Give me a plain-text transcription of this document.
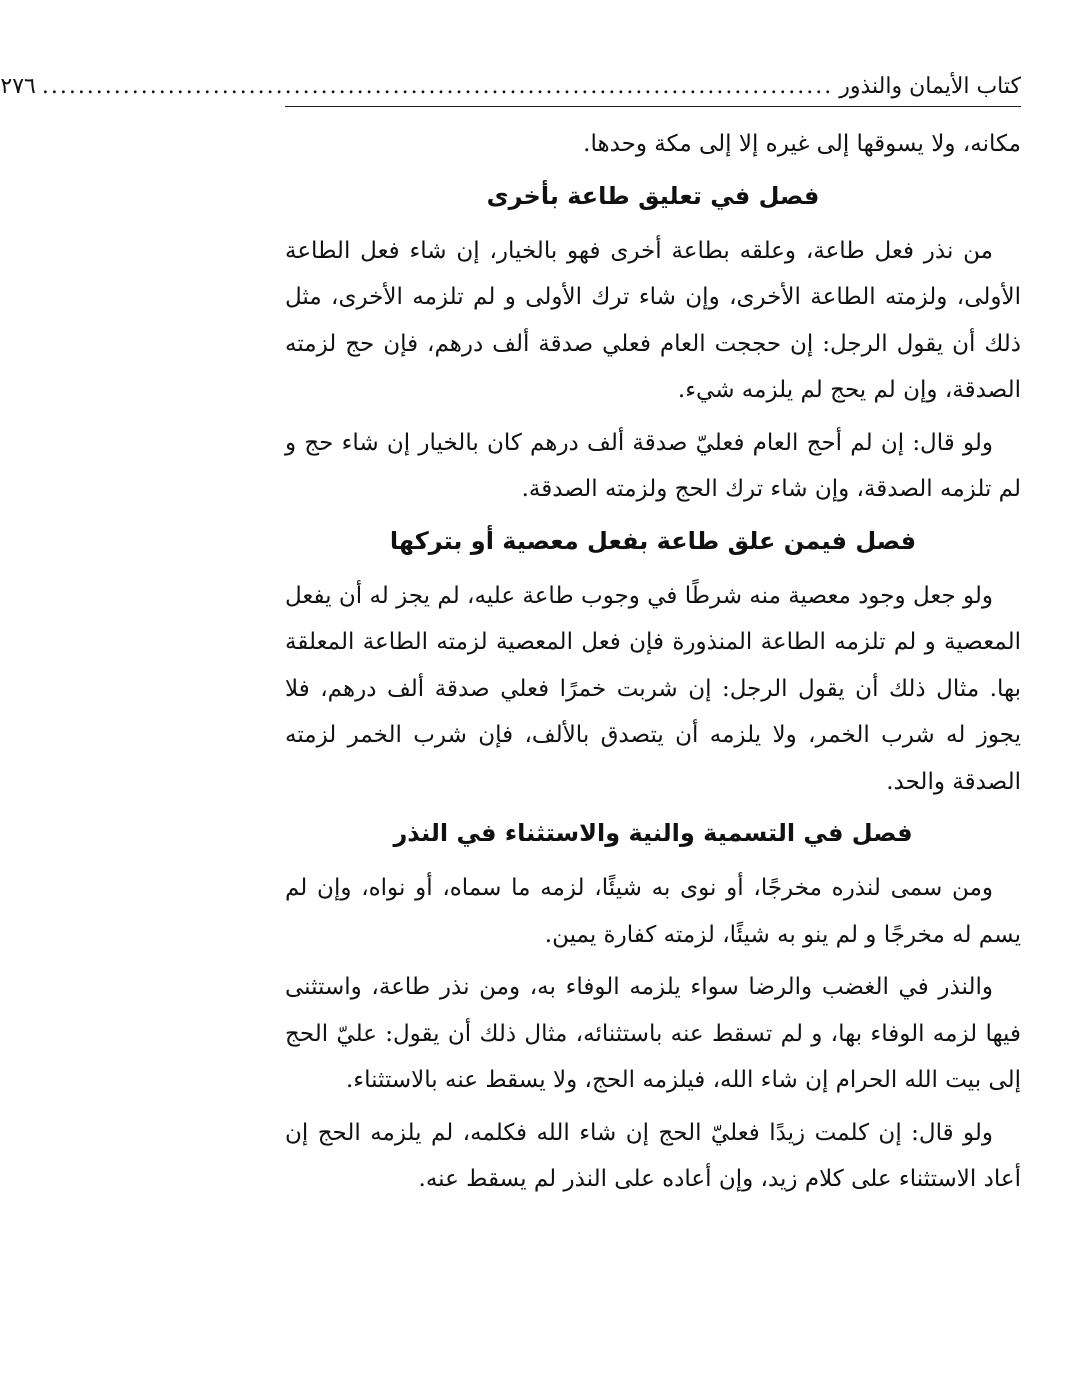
كتاب الأيمان والنذور
........................................................................................
٢٧٦

مكانه، ولا يسوقها إلى غيره إلا إلى مكة وحدها.

فصل في تعليق طاعة بأخرى

من نذر فعل طاعة، وعلقه بطاعة أخرى فهو بالخيار، إن شاء فعل الطاعة الأولى، ولزمته الطاعة الأخرى، وإن شاء ترك الأولى و لم تلزمه الأخرى، مثل ذلك أن يقول الرجل: إن حججت العام فعلي صدقة ألف درهم، فإن حج لزمته الصدقة، وإن لم يحج لم يلزمه شيء.

ولو قال: إن لم أحج العام فعليّ صدقة ألف درهم كان بالخيار إن شاء حج و لم تلزمه الصدقة، وإن شاء ترك الحج ولزمته الصدقة.

فصل فيمن علق طاعة بفعل معصية أو بتركها

ولو جعل وجود معصية منه شرطًا في وجوب طاعة عليه، لم يجز له أن يفعل المعصية و لم تلزمه الطاعة المنذورة فإن فعل المعصية لزمته الطاعة المعلقة بها. مثال ذلك أن يقول الرجل: إن شربت خمرًا فعلي صدقة ألف درهم، فلا يجوز له شرب الخمر، ولا يلزمه أن يتصدق بالألف، فإن شرب الخمر لزمته الصدقة والحد.

فصل في التسمية والنية والاستثناء في النذر

ومن سمى لنذره مخرجًا، أو نوى به شيئًا، لزمه ما سماه، أو نواه، وإن لم يسم له مخرجًا و لم ينو به شيئًا، لزمته كفارة يمين.

والنذر في الغضب والرضا سواء يلزمه الوفاء به، ومن نذر طاعة، واستثنى فيها لزمه الوفاء بها، و لم تسقط عنه باستثنائه، مثال ذلك أن يقول: عليّ الحج إلى بيت الله الحرام إن شاء الله، فيلزمه الحج، ولا يسقط عنه بالاستثناء.

ولو قال: إن كلمت زيدًا فعليّ الحج إن شاء الله فكلمه، لم يلزمه الحج إن أعاد الاستثناء على كلام زيد، وإن أعاده على النذر لم يسقط عنه.
